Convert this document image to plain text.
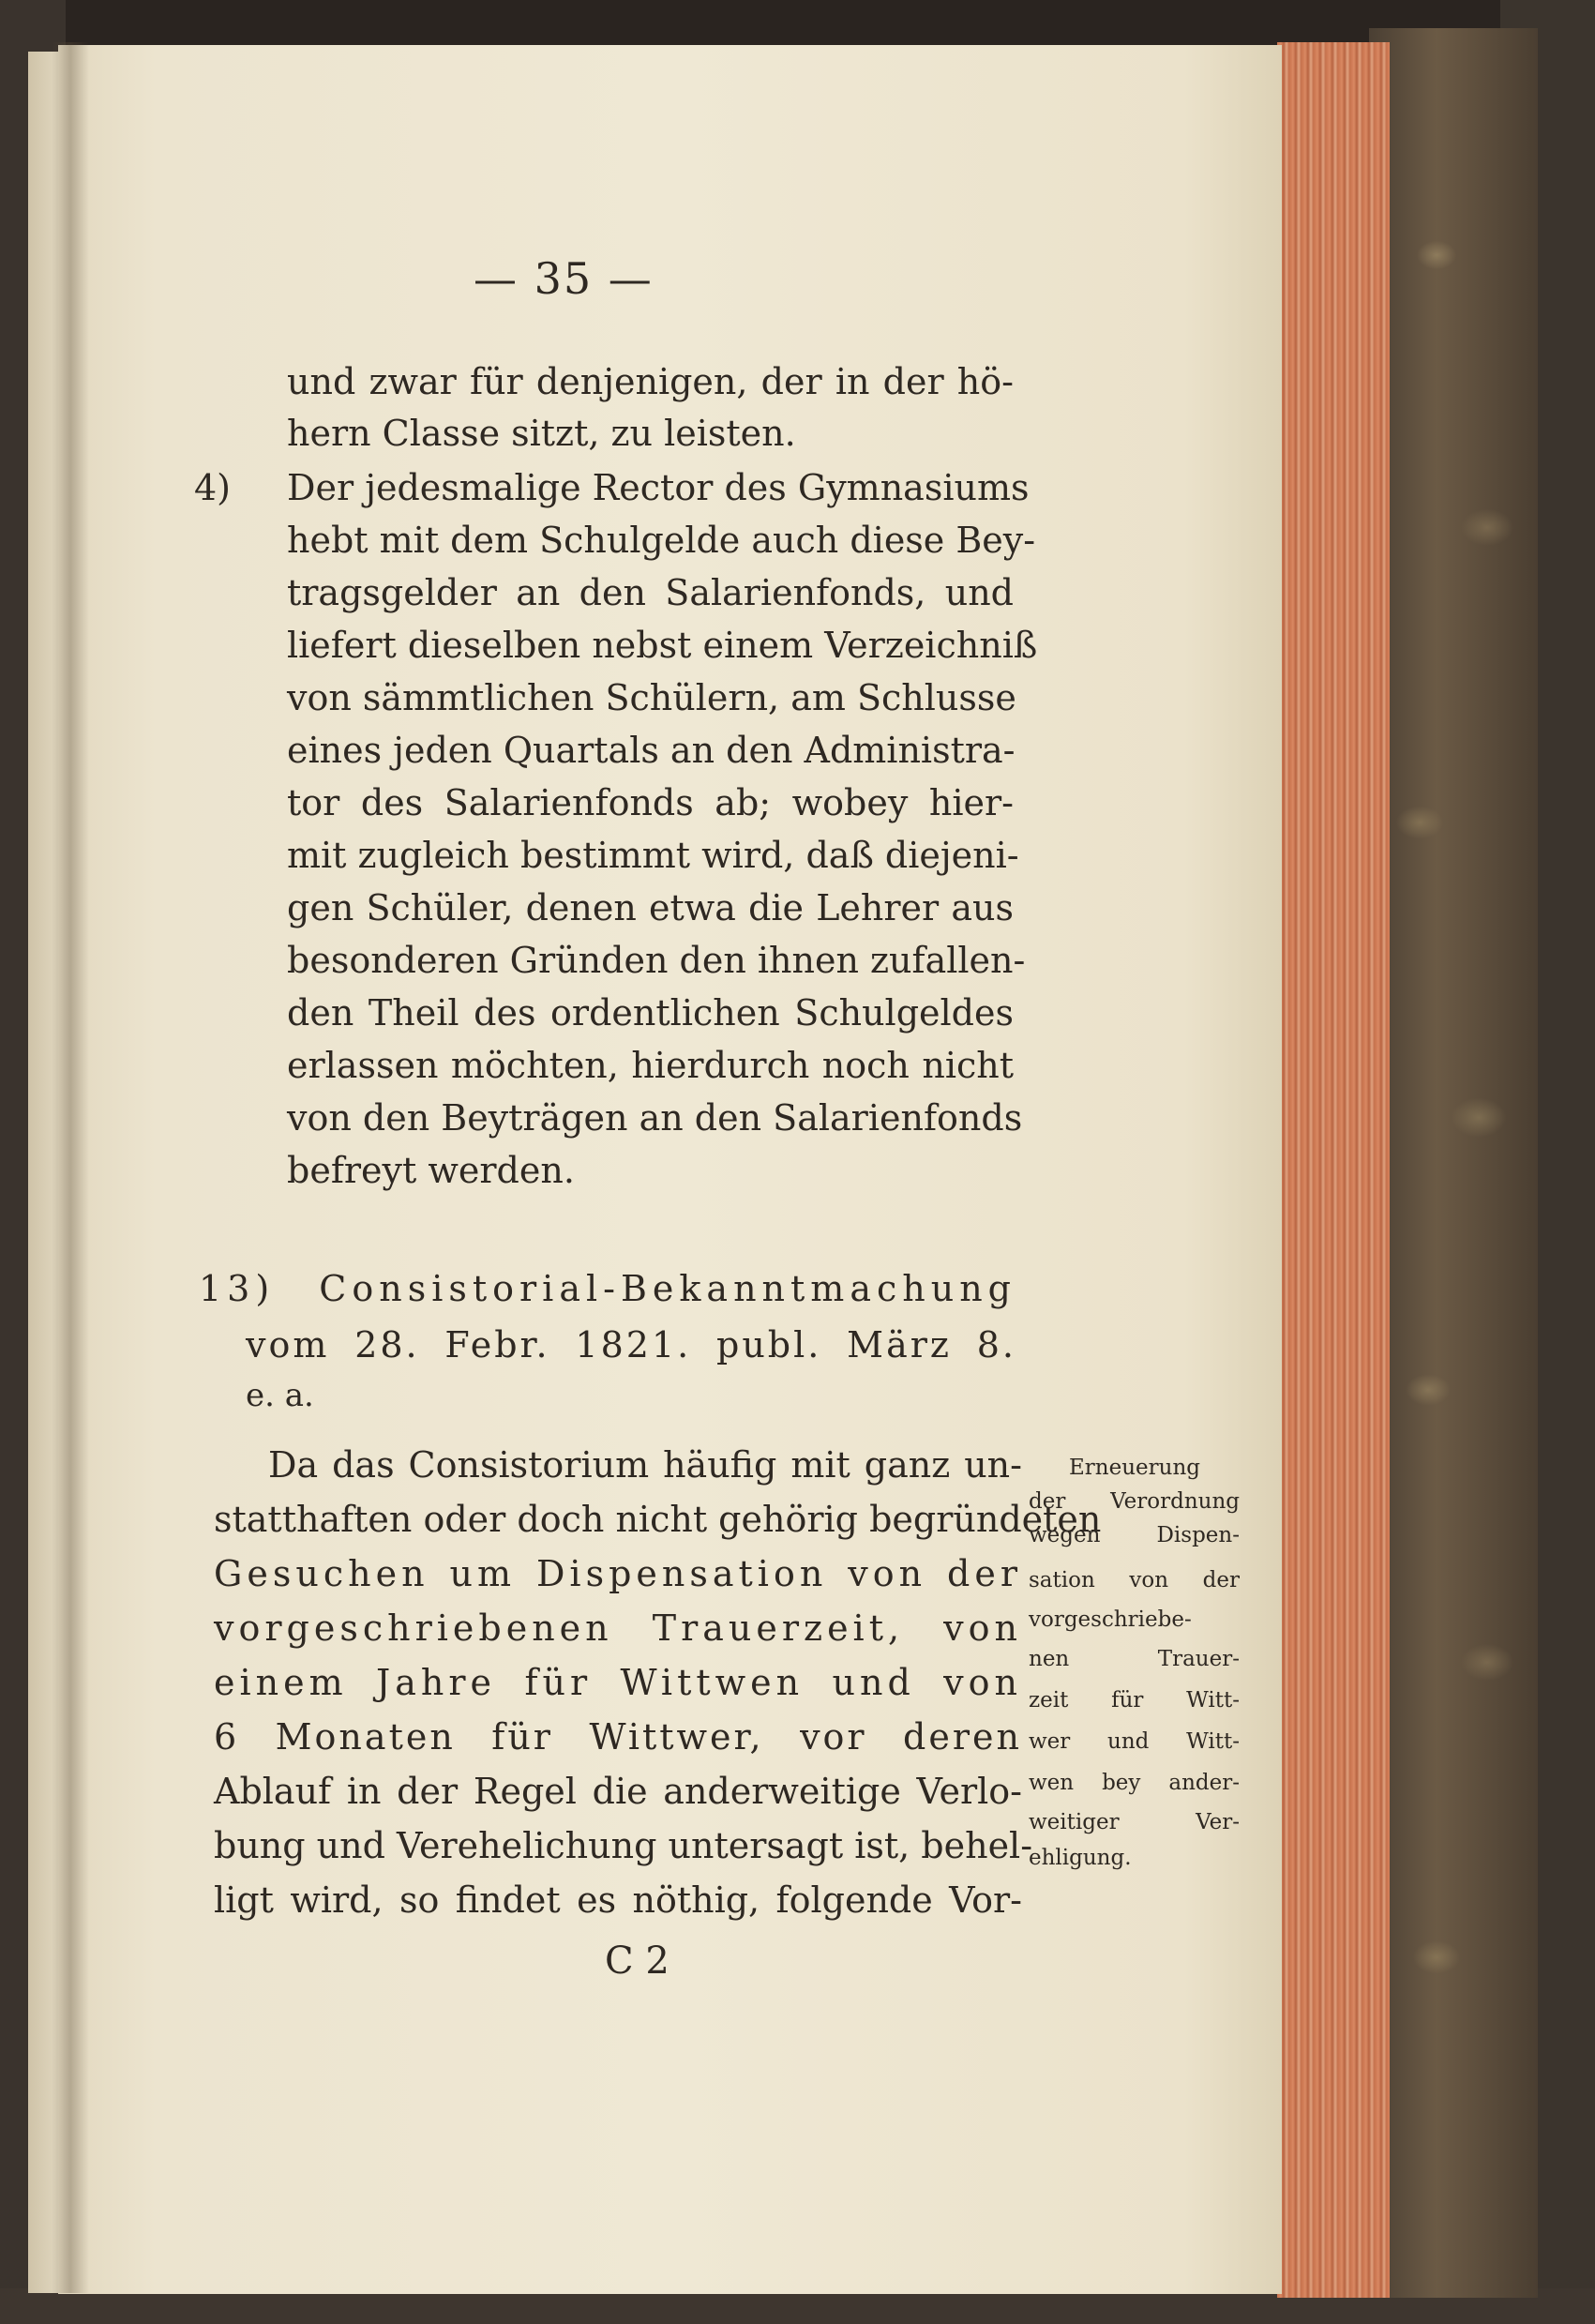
— 35 —
und zwar für denjenigen, der in der hö-
hern Classe sitzt, zu leisten.
4) Der jedesmalige Rector des Gymnasiums
hebt mit dem Schulgelde auch diese Bey-
tragsgelder an den Salarienfonds, und
liefert dieselben nebst einem Verzeichniß
von sämmtlichen Schülern, am Schlusse
eines jeden Quartals an den Administra-
tor des Salarienfonds ab; wobey hier-
mit zugleich bestimmt wird, daß diejeni-
gen Schüler, denen etwa die Lehrer aus
besonderen Gründen den ihnen zufallen-
den Theil des ordentlichen Schulgeldes
erlassen möchten, hierdurch noch nicht
von den Beyträgen an den Salarienfonds
befreyt werden.
13) Consistorial-Bekanntmachung
vom 28. Febr. 1821. publ. März 8.
e. a.
Da das Consistorium häufig mit ganz un-
statthaften oder doch nicht gehörig begründeten
Gesuchen um Dispensation von der
vorgeschriebenen Trauerzeit, von
einem Jahre für Wittwen und von
6 Monaten für Wittwer, vor deren
Ablauf in der Regel die anderweitige Verlo-
bung und Verehelichung untersagt ist, behel-
ligt wird, so findet es nöthig, folgende Vor-
Erneuerung
der Verordnung
wegen Dispen-
sation von der
vorgeschriebe-
nen Trauer-
zeit für Witt-
wer und Witt-
wen bey ander-
weitiger Ver-
ehligung.
C 2
